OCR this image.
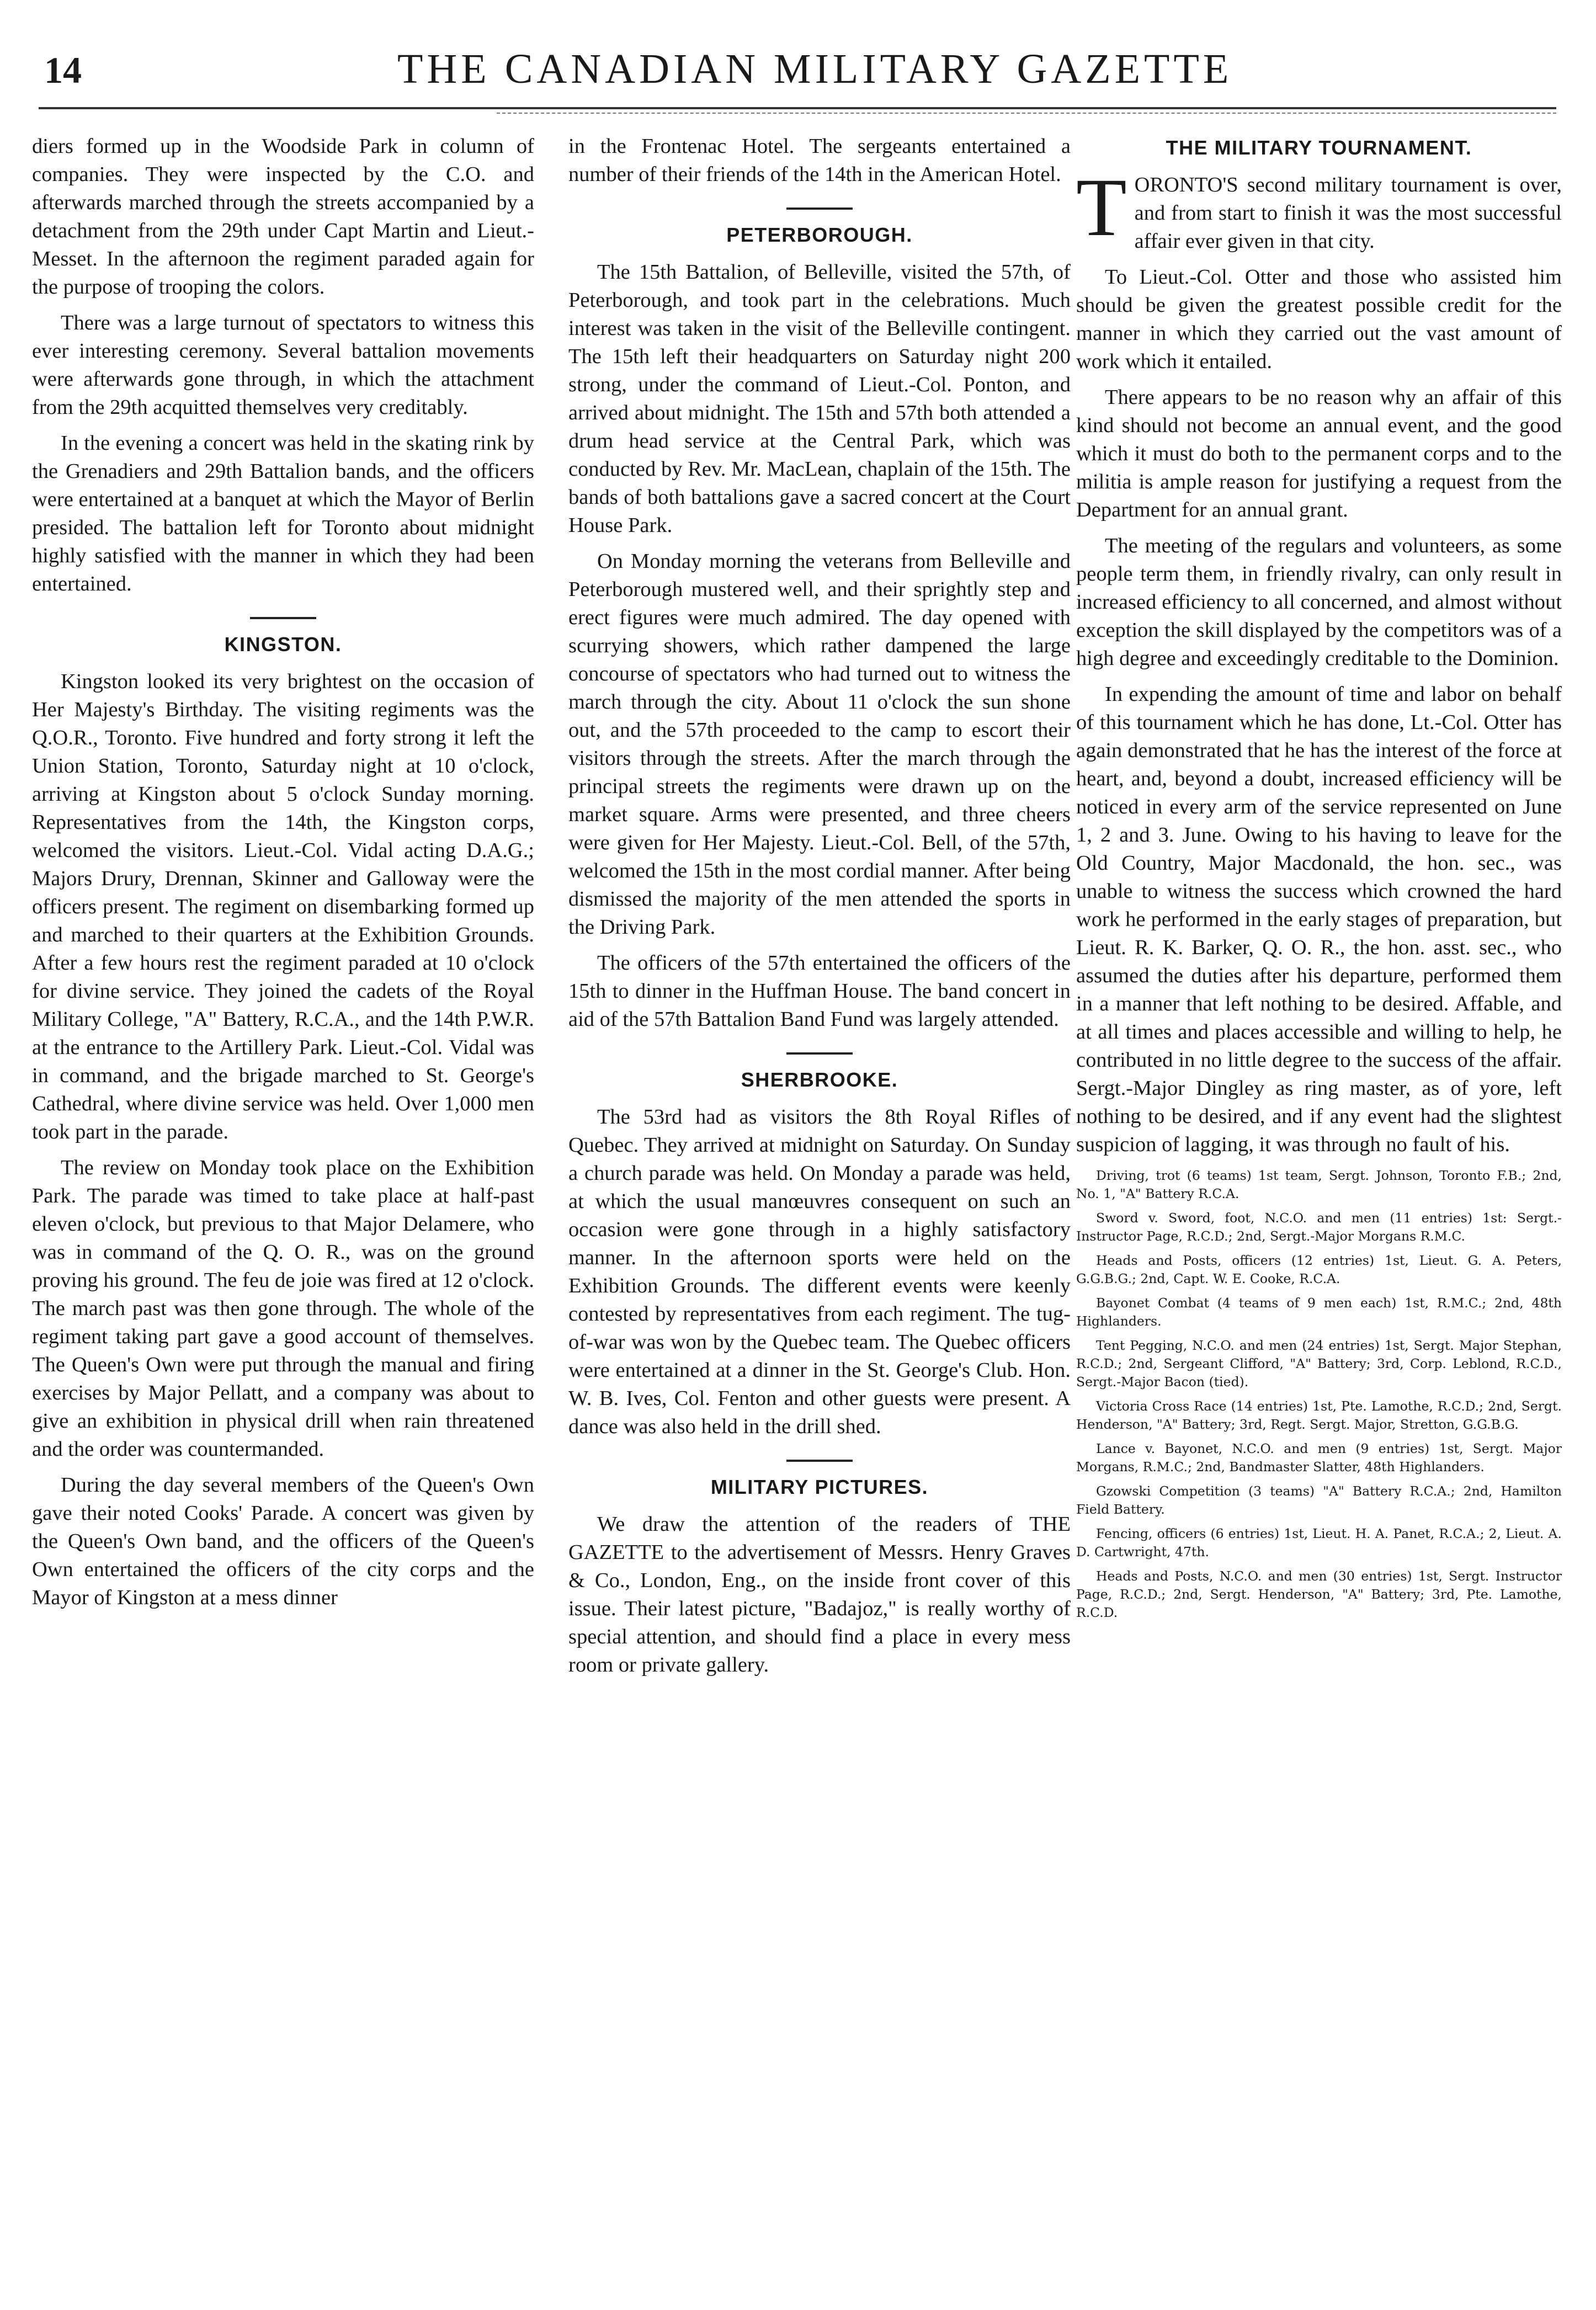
14	THE CANADIAN MILITARY GAZETTE

diers formed up in the Woodside Park in column of companies. They were inspected by the C.O. and afterwards marched through the streets accompanied by a detachment from the 29th under Capt Martin and Lieut.-Messet. In the afternoon the regiment paraded again for the purpose of trooping the colors.

There was a large turnout of spectators to witness this ever interesting ceremony. Several battalion movements were afterwards gone through, in which the attachment from the 29th acquitted themselves very creditably.

In the evening a concert was held in the skating rink by the Grenadiers and 29th Battalion bands, and the officers were entertained at a banquet at which the Mayor of Berlin presided. The battalion left for Toronto about midnight highly satisfied with the manner in which they had been entertained.

KINGSTON.

Kingston looked its very brightest on the occasion of Her Majesty's Birthday. The visiting regiments was the Q.O.R., Toronto. Five hundred and forty strong it left the Union Station, Toronto, Saturday night at 10 o'clock, arriving at Kingston about 5 o'clock Sunday morning. Representatives from the 14th, the Kingston corps, welcomed the visitors. Lieut.-Col. Vidal acting D.A.G.; Majors Drury, Drennan, Skinner and Galloway were the officers present. The regiment on disembarking formed up and marched to their quarters at the Exhibition Grounds. After a few hours rest the regiment paraded at 10 o'clock for divine service. They joined the cadets of the Royal Military College, "A" Battery, R.C.A., and the 14th P.W.R. at the entrance to the Artillery Park. Lieut.-Col. Vidal was in command, and the brigade marched to St. George's Cathedral, where divine service was held. Over 1,000 men took part in the parade.

The review on Monday took place on the Exhibition Park. The parade was timed to take place at half-past eleven o'clock, but previous to that Major Delamere, who was in command of the Q. O. R., was on the ground proving his ground. The feu de joie was fired at 12 o'clock. The march past was then gone through. The whole of the regiment taking part gave a good account of themselves. The Queen's Own were put through the manual and firing exercises by Major Pellatt, and a company was about to give an exhibition in physical drill when rain threatened and the order was countermanded.

During the day several members of the Queen's Own gave their noted Cooks' Parade. A concert was given by the Queen's Own band, and the officers of the Queen's Own entertained the officers of the city corps and the Mayor of Kingston at a mess dinner

in the Frontenac Hotel. The sergeants entertained a number of their friends of the 14th in the American Hotel.

PETERBOROUGH.

The 15th Battalion, of Belleville, visited the 57th, of Peterborough, and took part in the celebrations. Much interest was taken in the visit of the Belleville contingent. The 15th left their headquarters on Saturday night 200 strong, under the command of Lieut.-Col. Ponton, and arrived about midnight. The 15th and 57th both attended a drum head service at the Central Park, which was conducted by Rev. Mr. MacLean, chaplain of the 15th. The bands of both battalions gave a sacred concert at the Court House Park.

On Monday morning the veterans from Belleville and Peterborough mustered well, and their sprightly step and erect figures were much admired. The day opened with scurrying showers, which rather dampened the large concourse of spectators who had turned out to witness the march through the city. About 11 o'clock the sun shone out, and the 57th proceeded to the camp to escort their visitors through the streets. After the march through the principal streets the regiments were drawn up on the market square. Arms were presented, and three cheers were given for Her Majesty. Lieut.-Col. Bell, of the 57th, welcomed the 15th in the most cordial manner. After being dismissed the majority of the men attended the sports in the Driving Park.

The officers of the 57th entertained the officers of the 15th to dinner in the Huffman House. The band concert in aid of the 57th Battalion Band Fund was largely attended.

SHERBROOKE.

The 53rd had as visitors the 8th Royal Rifles of Quebec. They arrived at midnight on Saturday. On Sunday a church parade was held. On Monday a parade was held, at which the usual manœuvres consequent on such an occasion were gone through in a highly satisfactory manner. In the afternoon sports were held on the Exhibition Grounds. The different events were keenly contested by representatives from each regiment. The tug-of-war was won by the Quebec team. The Quebec officers were entertained at a dinner in the St. George's Club. Hon. W. B. Ives, Col. Fenton and other guests were present. A dance was also held in the drill shed.

MILITARY PICTURES.

We draw the attention of the readers of THE GAZETTE to the advertisement of Messrs. Henry Graves & Co., London, Eng., on the inside front cover of this issue. Their latest picture, "Badajoz," is really worthy of special attention, and should find a place in every mess room or private gallery.

THE MILITARY TOURNAMENT.

TORONTO'S second military tournament is over, and from start to finish it was the most successful affair ever given in that city.

To Lieut.-Col. Otter and those who assisted him should be given the greatest possible credit for the manner in which they carried out the vast amount of work which it entailed.

There appears to be no reason why an affair of this kind should not become an annual event, and the good which it must do both to the permanent corps and to the militia is ample reason for justifying a request from the Department for an annual grant.

The meeting of the regulars and volunteers, as some people term them, in friendly rivalry, can only result in increased efficiency to all concerned, and almost without exception the skill displayed by the competitors was of a high degree and exceedingly creditable to the Dominion.

In expending the amount of time and labor on behalf of this tournament which he has done, Lt.-Col. Otter has again demonstrated that he has the interest of the force at heart, and, beyond a doubt, increased efficiency will be noticed in every arm of the service represented on June 1, 2 and 3. June. Owing to his having to leave for the Old Country, Major Macdonald, the hon. sec., was unable to witness the success which crowned the hard work he performed in the early stages of preparation, but Lieut. R. K. Barker, Q. O. R., the hon. asst. sec., who assumed the duties after his departure, performed them in a manner that left nothing to be desired. Affable, and at all times and places accessible and willing to help, he contributed in no little degree to the success of the affair. Sergt.-Major Dingley as ring master, as of yore, left nothing to be desired, and if any event had the slightest suspicion of lagging, it was through no fault of his.

Driving, trot (6 teams) 1st team, Sergt. Johnson, Toronto F.B.; 2nd, No. 1, "A" Battery R.C.A.

Sword v. Sword, foot, N.C.O. and men (11 entries) 1st: Sergt.-Instructor Page, R.C.D.; 2nd, Sergt.-Major Morgans R.M.C.

Heads and Posts, officers (12 entries) 1st, Lieut. G. A. Peters, G.G.B.G.; 2nd, Capt. W. E. Cooke, R.C.A.

Bayonet Combat (4 teams of 9 men each) 1st, R.M.C.; 2nd, 48th Highlanders.

Tent Pegging, N.C.O. and men (24 entries) 1st, Sergt. Major Stephan, R.C.D.; 2nd, Sergeant Clifford, "A" Battery; 3rd, Corp. Leblond, R.C.D., Sergt.-Major Bacon (tied).

Victoria Cross Race (14 entries) 1st, Pte. Lamothe, R.C.D.; 2nd, Sergt. Henderson, "A" Battery; 3rd, Regt. Sergt. Major, Stretton, G.G.B.G.

Lance v. Bayonet, N.C.O. and men (9 entries) 1st, Sergt. Major Morgans, R.M.C.; 2nd, Bandmaster Slatter, 48th Highlanders.

Gzowski Competition (3 teams) "A" Battery R.C.A.; 2nd, Hamilton Field Battery.

Fencing, officers (6 entries) 1st, Lieut. H. A. Panet, R.C.A.; 2, Lieut. A. D. Cartwright, 47th.

Heads and Posts, N.C.O. and men (30 entries) 1st, Sergt. Instructor Page, R.C.D.; 2nd, Sergt. Henderson, "A" Battery; 3rd, Pte. Lamothe, R.C.D.
